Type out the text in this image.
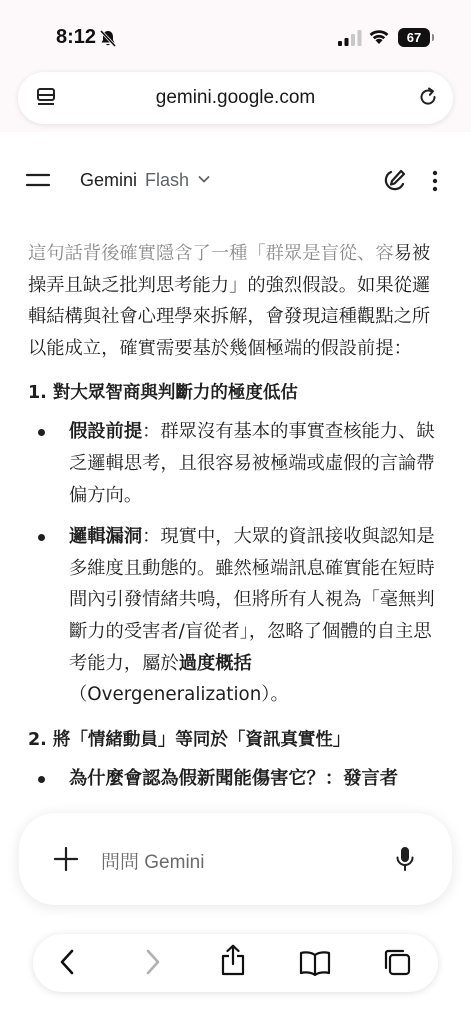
8:12	67
gemini.google.com
Gemini Flash

這句話背後確實隱含了一種「群眾是盲從、容易被操弄且缺乏批判思考能力」的強烈假設。如果從邏輯結構與社會心理學來拆解，會發現這種觀點之所以能成立，確實需要基於幾個極端的假設前提：

1. 對大眾智商與判斷力的極度低估
假設前提：群眾沒有基本的事實查核能力、缺乏邏輯思考，且很容易被極端或虛假的言論帶偏方向。
邏輯漏洞：現實中，大眾的資訊接收與認知是多維度且動態的。雖然極端訊息確實能在短時間內引發情緒共鳴，但將所有人視為「毫無判斷力的受害者/盲從者」，忽略了個體的自主思考能力，屬於過度概括（Overgeneralization）。
2. 將「情緒動員」等同於「資訊真實性」
為什麼會認為假新聞能傷害它？：發言者
問問 Gemini
